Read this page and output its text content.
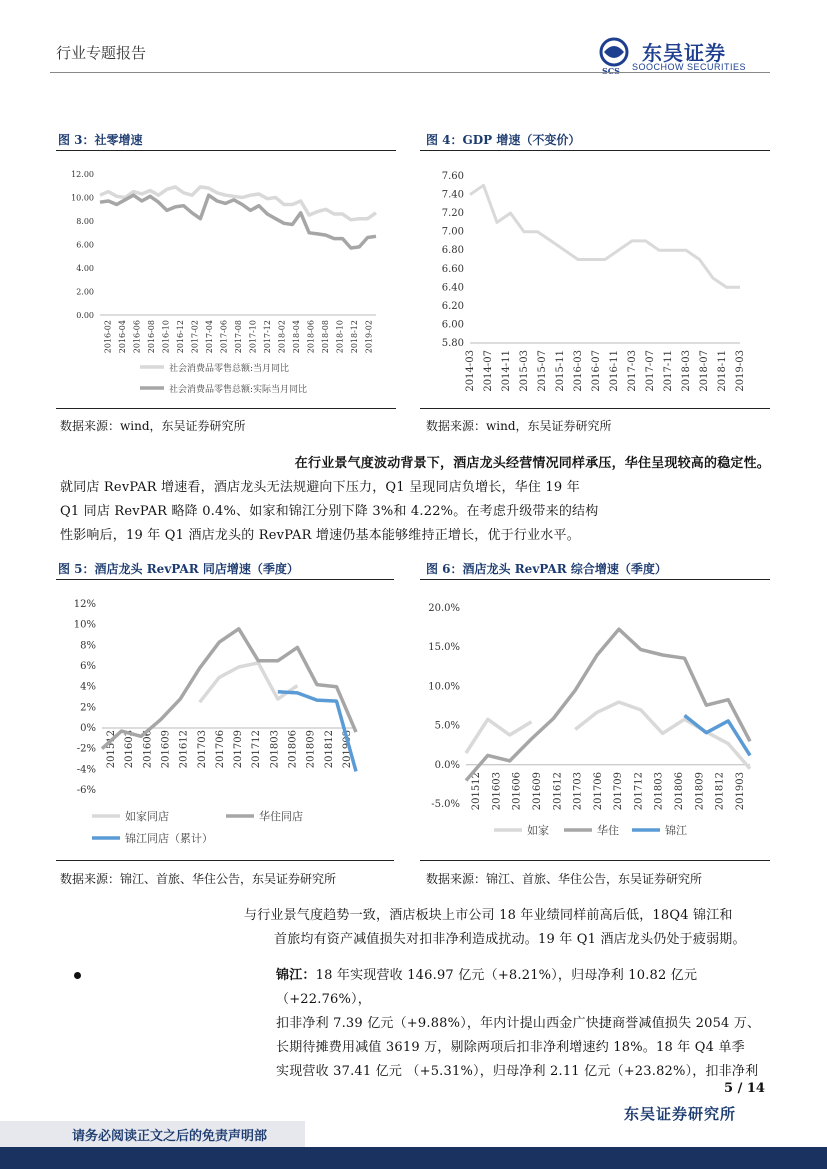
行业专题报告
SCS
东吴证券
SOOCHOW SECURITIES
图 3：社零增速
12.00
10.00
8.00
6.00
4.00
2.00
0.00
2016-02 2016-04 2016-06 2016-08 2016-10 2016-12 2017-02 2017-04 2017-06 2017-08 2017-10 2017-12 2018-02 2018-04 2018-06 2018-08 2018-10 2018-12 2019-02
社会消费品零售总额:当月同比
社会消费品零售总额:实际当月同比
数据来源：wind，东吴证券研究所
图 4：GDP 增速（不变价）
7.60
7.40
7.20
7.00
6.80
6.60
6.40
6.20
6.00
5.80
2014-03 2014-07 2014-11 2015-03 2015-07 2015-11 2016-03 2016-07 2016-11 2017-03 2017-07 2017-11 2018-03 2018-07 2018-11 2019-03
数据来源：wind，东吴证券研究所
在行业景气度波动背景下，酒店龙头经营情况同样承压，华住呈现较高的稳定性。
就同店 RevPAR 增速看，酒店龙头无法规避向下压力，Q1 呈现同店负增长，华住 19 年
Q1 同店 RevPAR 略降 0.4%、如家和锦江分别下降 3%和 4.22%。在考虑升级带来的结构
性影响后，19 年 Q1 酒店龙头的 RevPAR 增速仍基本能够维持正增长，优于行业水平。
图 5：酒店龙头 RevPAR 同店增速（季度）
12%
10%
8%
6%
4%
2%
0%
-2%
-4%
-6%
201512 201603 201606 201609 201612 201703 201706 201709 201712 201803 201806 201809 201812 201903
如家同店	华住同店
锦江同店（累计）
数据来源：锦江、首旅、华住公告，东吴证券研究所
图 6：酒店龙头 RevPAR 综合增速（季度）
20.0%
15.0%
10.0%
5.0%
0.0%
-5.0% 201512 201603 201606 201609 201612 201703 201706 201709 201712 201803 201806 201809 201812 201903
如家	华住	锦江
数据来源：锦江、首旅、华住公告，东吴证券研究所
与行业景气度趋势一致，酒店板块上市公司 18 年业绩同样前高后低，18Q4 锦江和
首旅均有资产减值损失对扣非净利造成扰动。19 年 Q1 酒店龙头仍处于疲弱期。
锦江：18 年实现营收 146.97 亿元（+8.21%），归母净利 10.82 亿元（+22.76%），
扣非净利 7.39 亿元（+9.88%），年内计提山西金广快捷商誉减值损失 2054 万、
长期待摊费用减值 3619 万，剔除两项后扣非净利增速约 18%。18 年 Q4 单季
实现营收 37.41 亿元 （+5.31%），归母净利 2.11 亿元（+23.82%），扣非净利
5 / 14
东吴证券研究所
请务必阅读正文之后的免责声明部
